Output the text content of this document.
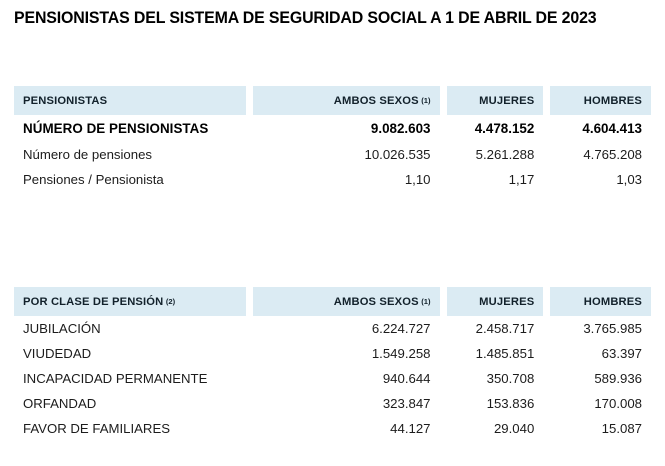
PENSIONISTAS DEL SISTEMA DE SEGURIDAD SOCIAL A 1 DE ABRIL DE 2023
PENSIONISTAS	AMBOS SEXOS (1)	MUJERES	HOMBRES
NÚMERO DE PENSIONISTAS	9.082.603	4.478.152	4.604.413
Número de pensiones	10.026.535	5.261.288	4.765.208
Pensiones / Pensionista	1,10	1,17	1,03
POR CLASE DE PENSIÓN (2)	AMBOS SEXOS (1)	MUJERES	HOMBRES
JUBILACIÓN	6.224.727	2.458.717	3.765.985
VIUDEDAD	1.549.258	1.485.851	63.397
INCAPACIDAD PERMANENTE	940.644	350.708	589.936
ORFANDAD	323.847	153.836	170.008
FAVOR DE FAMILIARES	44.127	29.040	15.087
